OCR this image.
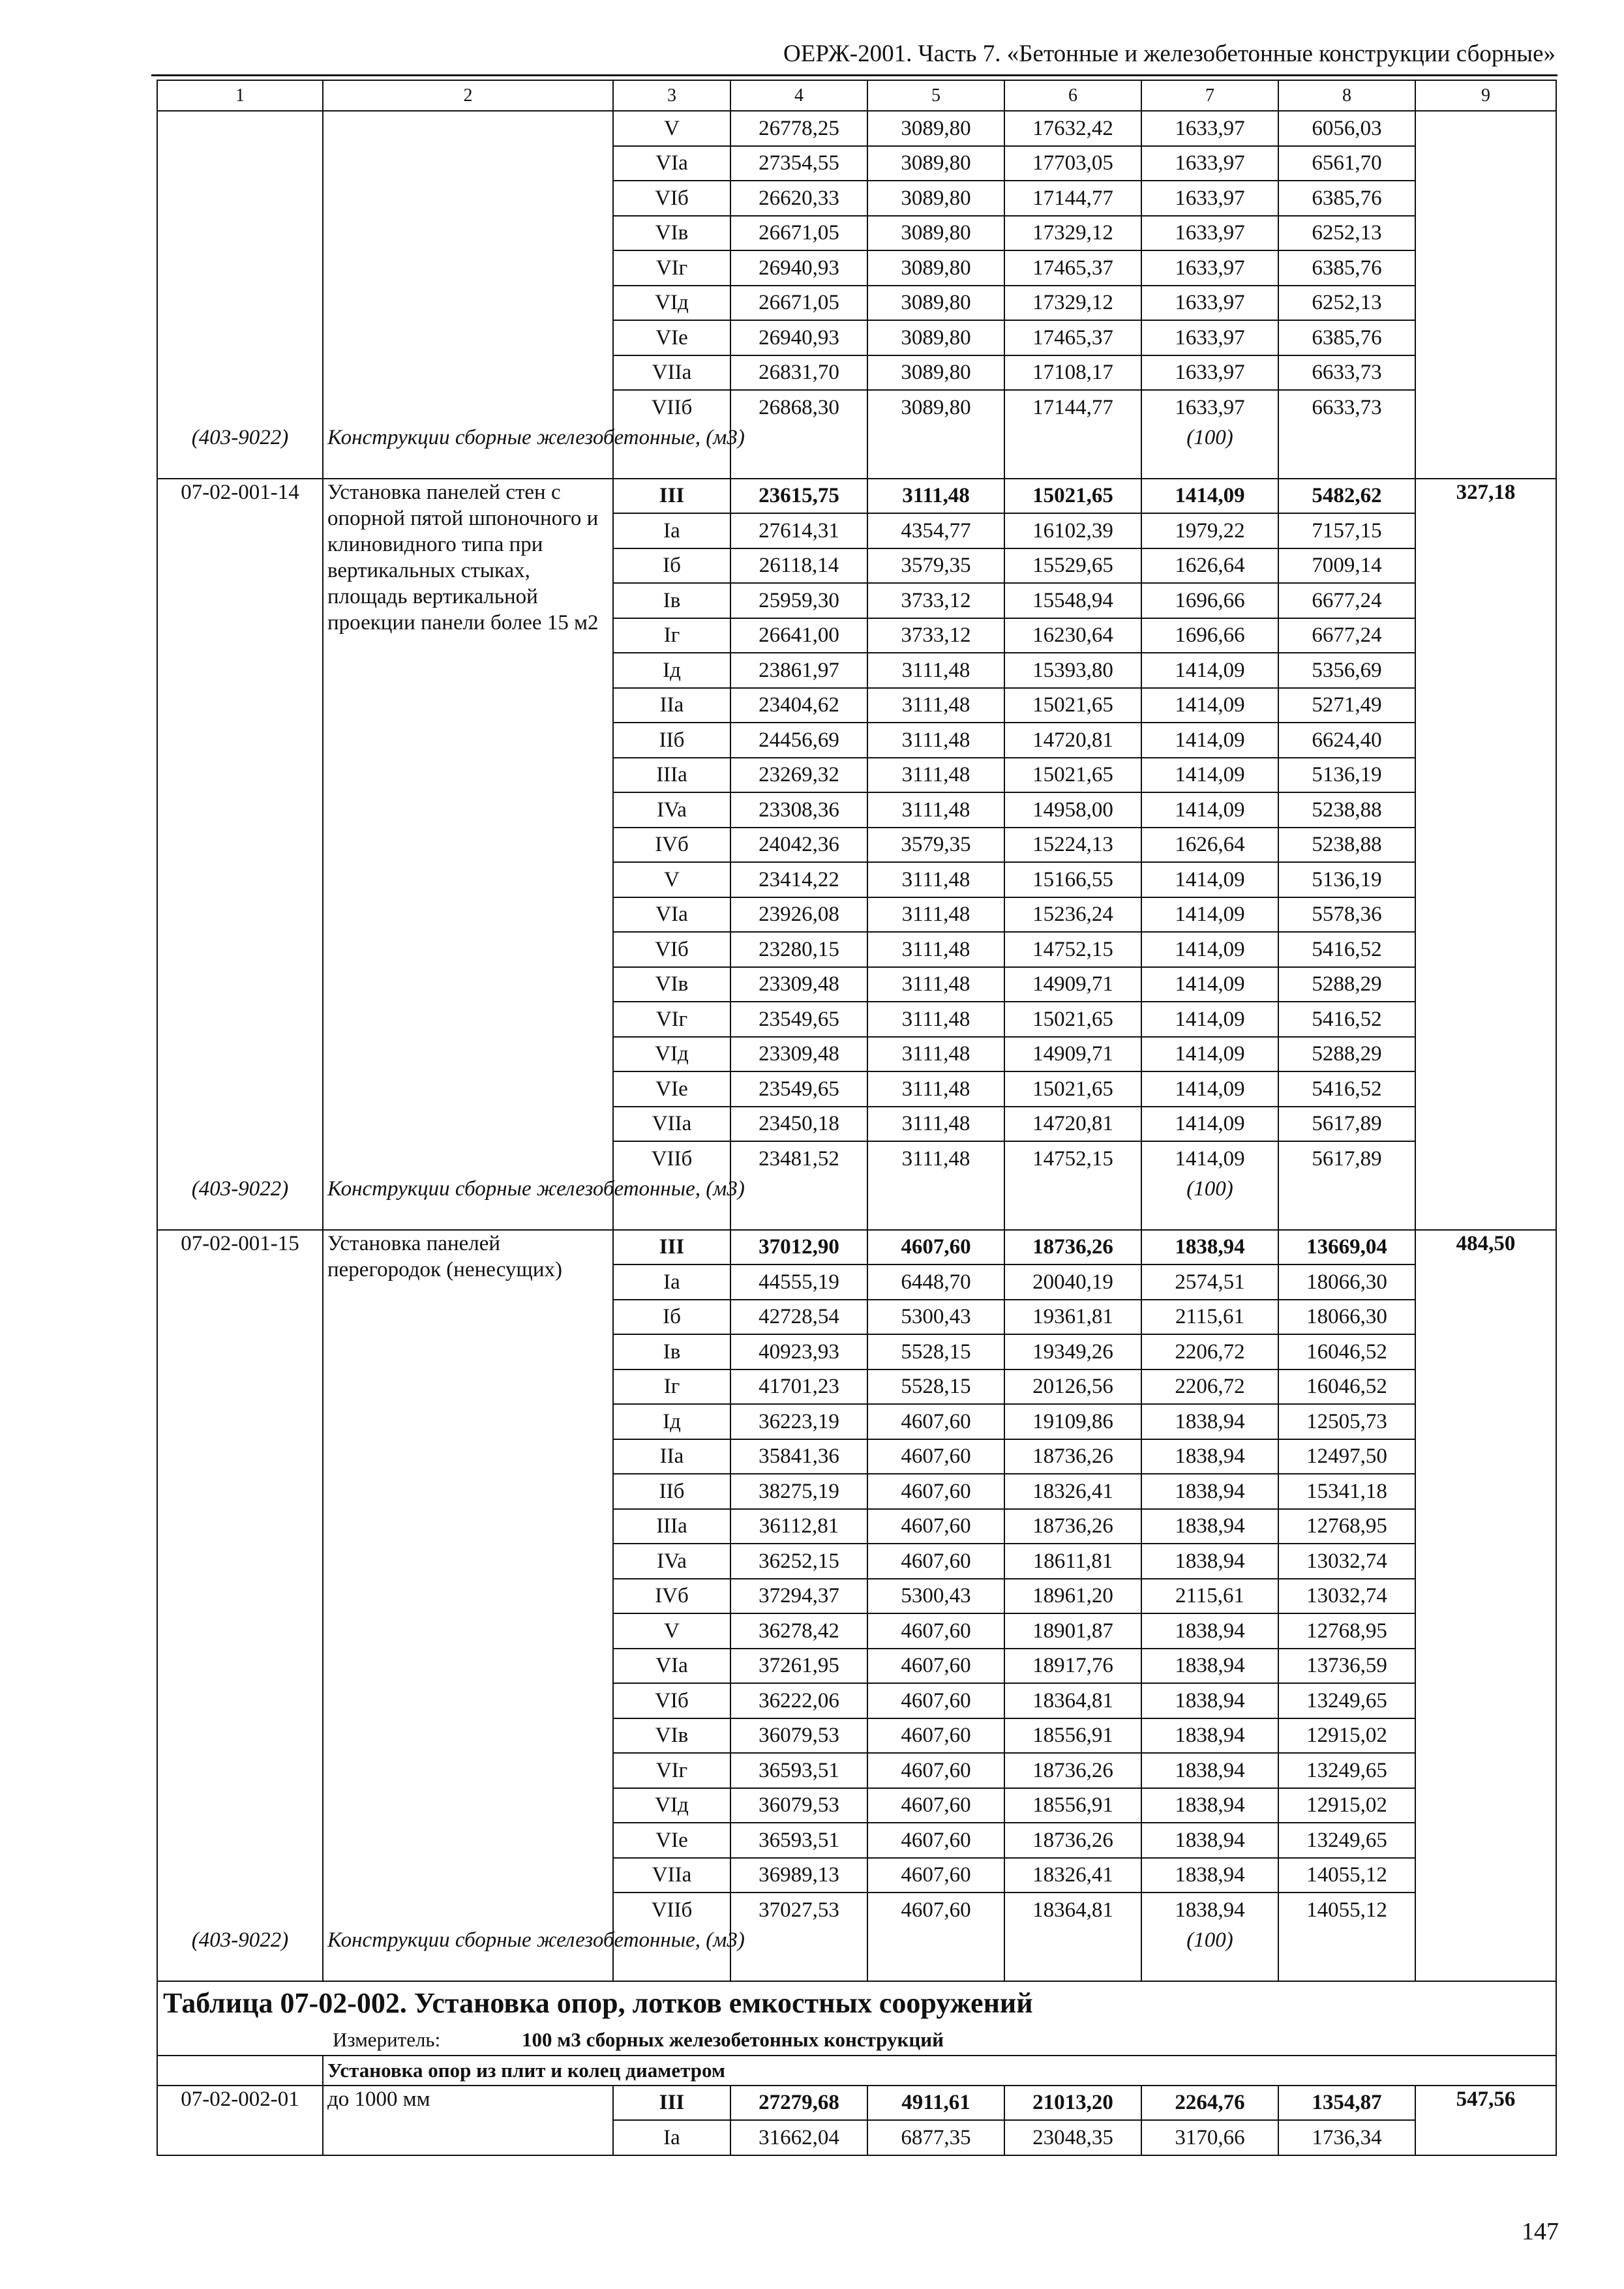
ОЕРЖ-2001. Часть 7. «Бетонные и железобетонные конструкции сборные»
1	2	3	4	5	6	7	8	9
		V	26778,25	3089,80	17632,42	1633,97	6056,03	
		VIa	27354,55	3089,80	17703,05	1633,97	6561,70	
		VIб	26620,33	3089,80	17144,77	1633,97	6385,76	
		VIв	26671,05	3089,80	17329,12	1633,97	6252,13	
		VIг	26940,93	3089,80	17465,37	1633,97	6385,76	
		VIд	26671,05	3089,80	17329,12	1633,97	6252,13	
		VIe	26940,93	3089,80	17465,37	1633,97	6385,76	
		VIIa	26831,70	3089,80	17108,17	1633,97	6633,73	
		VIIб	26868,30	3089,80	17144,77	1633,97	6633,73	
(403-9022)	Конструкции сборные железобетонные, (м3)					(100)		
07-02-001-14	Установка панелей стен с опорной пятой шпоночного и клиновидного типа при вертикальных стыках, площадь вертикальной проекции панели более 15 м2	III	23615,75	3111,48	15021,65	1414,09	5482,62	327,18
		Ia	27614,31	4354,77	16102,39	1979,22	7157,15	
		Iб	26118,14	3579,35	15529,65	1626,64	7009,14	
		Iв	25959,30	3733,12	15548,94	1696,66	6677,24	
		Iг	26641,00	3733,12	16230,64	1696,66	6677,24	
		Iд	23861,97	3111,48	15393,80	1414,09	5356,69	
		IIa	23404,62	3111,48	15021,65	1414,09	5271,49	
		IIб	24456,69	3111,48	14720,81	1414,09	6624,40	
		IIIa	23269,32	3111,48	15021,65	1414,09	5136,19	
		IVa	23308,36	3111,48	14958,00	1414,09	5238,88	
		IVб	24042,36	3579,35	15224,13	1626,64	5238,88	
		V	23414,22	3111,48	15166,55	1414,09	5136,19	
		VIa	23926,08	3111,48	15236,24	1414,09	5578,36	
		VIб	23280,15	3111,48	14752,15	1414,09	5416,52	
		VIв	23309,48	3111,48	14909,71	1414,09	5288,29	
		VIг	23549,65	3111,48	15021,65	1414,09	5416,52	
		VIд	23309,48	3111,48	14909,71	1414,09	5288,29	
		VIe	23549,65	3111,48	15021,65	1414,09	5416,52	
		VIIa	23450,18	3111,48	14720,81	1414,09	5617,89	
		VIIб	23481,52	3111,48	14752,15	1414,09	5617,89	
(403-9022)	Конструкции сборные железобетонные, (м3)					(100)		
07-02-001-15	Установка панелей перегородок (ненесущих)	III	37012,90	4607,60	18736,26	1838,94	13669,04	484,50
		Ia	44555,19	6448,70	20040,19	2574,51	18066,30	
		Iб	42728,54	5300,43	19361,81	2115,61	18066,30	
		Iв	40923,93	5528,15	19349,26	2206,72	16046,52	
		Iг	41701,23	5528,15	20126,56	2206,72	16046,52	
		Iд	36223,19	4607,60	19109,86	1838,94	12505,73	
		IIa	35841,36	4607,60	18736,26	1838,94	12497,50	
		IIб	38275,19	4607,60	18326,41	1838,94	15341,18	
		IIIa	36112,81	4607,60	18736,26	1838,94	12768,95	
		IVa	36252,15	4607,60	18611,81	1838,94	13032,74	
		IVб	37294,37	5300,43	18961,20	2115,61	13032,74	
		V	36278,42	4607,60	18901,87	1838,94	12768,95	
		VIa	37261,95	4607,60	18917,76	1838,94	13736,59	
		VIб	36222,06	4607,60	18364,81	1838,94	13249,65	
		VIв	36079,53	4607,60	18556,91	1838,94	12915,02	
		VIг	36593,51	4607,60	18736,26	1838,94	13249,65	
		VIд	36079,53	4607,60	18556,91	1838,94	12915,02	
		VIe	36593,51	4607,60	18736,26	1838,94	13249,65	
		VIIa	36989,13	4607,60	18326,41	1838,94	14055,12	
		VIIб	37027,53	4607,60	18364,81	1838,94	14055,12	
(403-9022)	Конструкции сборные железобетонные, (м3)					(100)		
Таблица 07-02-002. Установка опор, лотков емкостных сооружений								
Измеритель: 100 м3 сборных железобетонных конструкций								
	Установка опор из плит и колец диаметром							
07-02-002-01	до 1000 мм	III	27279,68	4911,61	21013,20	2264,76	1354,87	547,56
		Ia	31662,04	6877,35	23048,35	3170,66	1736,34	
147
